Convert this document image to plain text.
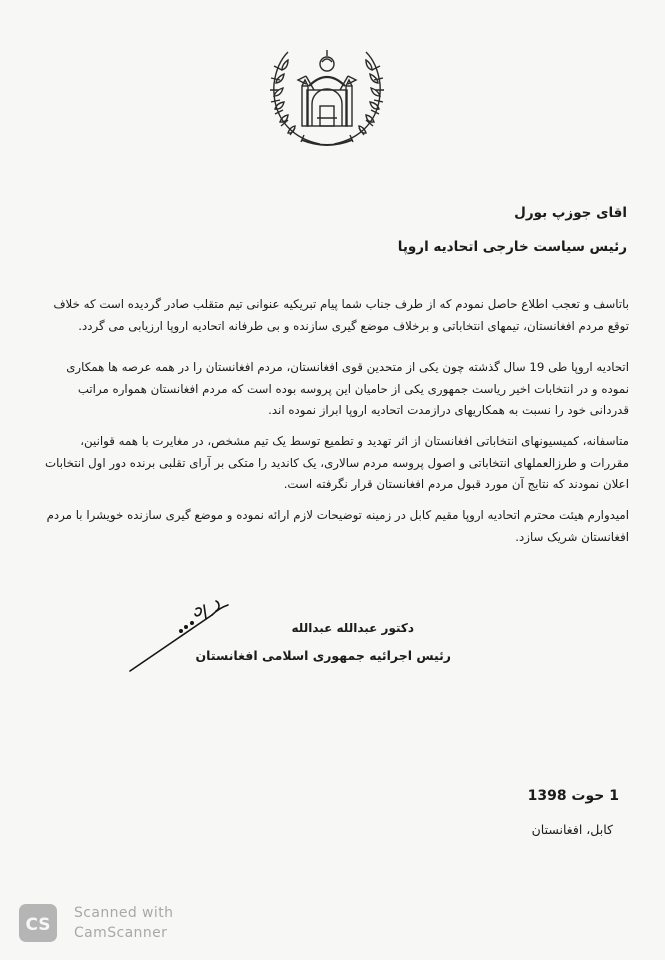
اقای جوزپ بورل
رئیس سیاست خارجی اتحادیه اروپا
باتاسف و تعجب اطلاع حاصل نمودم که از طرف جناب شما پیام تبریکیه عنوانی تیم متقلب صادر گردیده است که خلاف توقع مردم افغانستان، تیمهای انتخاباتی و برخلاف موضع گیری سازنده و بی طرفانه اتحادیه اروپا ارزیابی می گردد.
اتحادیه اروپا طی 19 سال گذشته چون یکی از متحدین قوی افغانستان، مردم افغانستان را در همه عرصه ها همکاری نموده و در انتخابات اخیر ریاست جمهوری یکی از حامیان این پروسه بوده است که مردم افغانستان همواره مراتب قدردانی خود را نسبت به همکاریهای درازمدت اتحادیه اروپا ابراز نموده اند.
متاسفانه، کمیسیونهای انتخاباتی افغانستان از اثر تهدید و تطمیع توسط یک تیم مشخص، در مغایرت با همه قوانین، مقررات و طرزالعملهای انتخاباتی و اصول پروسه مردم سالاری، یک کاندید را متکی بر آرای تقلبی برنده دور اول انتخابات اعلان نمودند که نتایج آن مورد قبول مردم افغانستان قرار نگرفته است.
امیدوارم هیئت محترم اتحادیه اروپا مقیم کابل در زمینه توضیحات لازم ارائه نموده و موضع گیری سازنده خویشرا با مردم افغانستان شریک سازد.
دکتور عبدالله عبدالله
رئیس اجرائیه جمهوری اسلامی افغانستان
1 حوت 1398
کابل، افغانستان
CS
Scanned with
CamScanner
